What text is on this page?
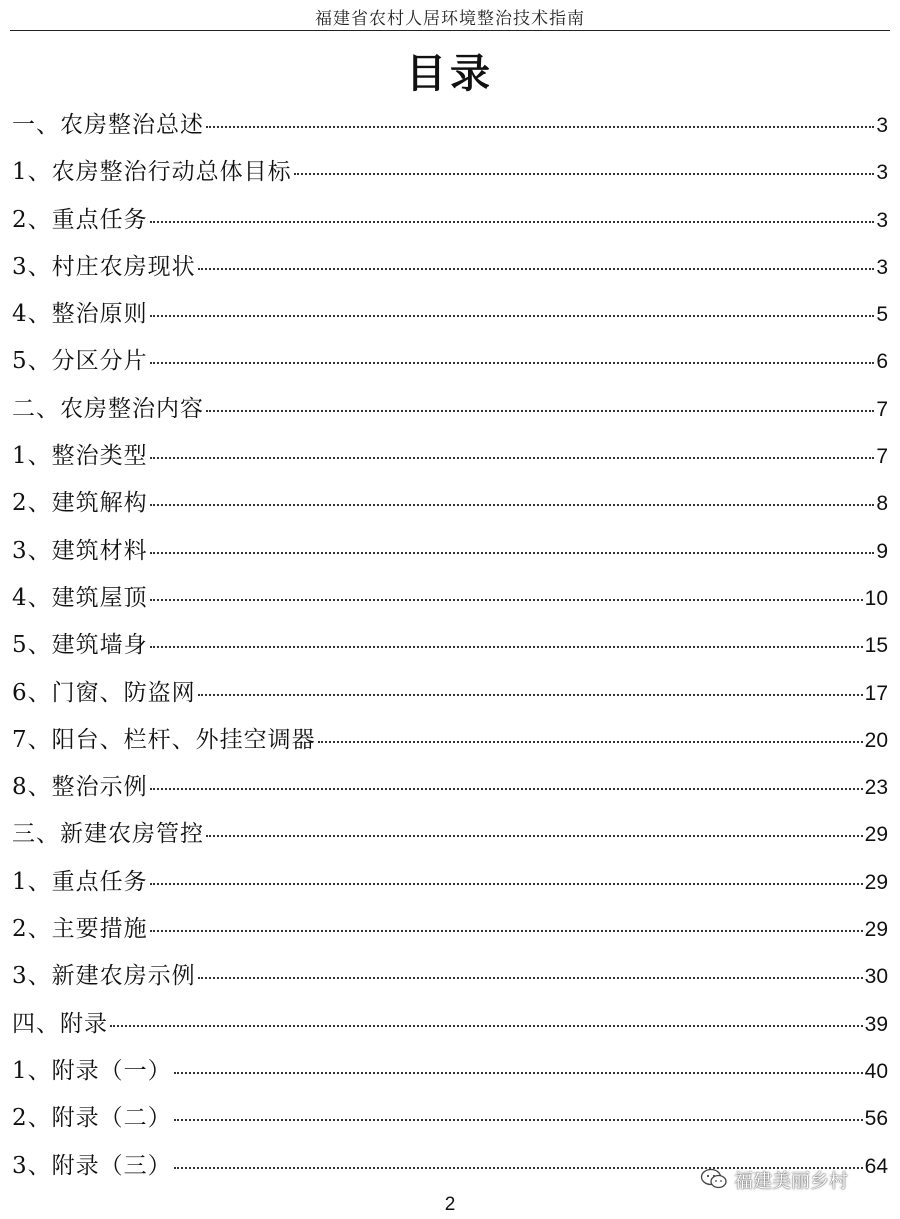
福建省农村人居环境整治技术指南
目录
一、农房整治总述	3
1、农房整治行动总体目标	3
2、重点任务	3
3、村庄农房现状	3
4、整治原则	5
5、分区分片	6
二、农房整治内容	7
1、整治类型	7
2、建筑解构	8
3、建筑材料	9
4、建筑屋顶	10
5、建筑墙身	15
6、门窗、防盗网	17
7、阳台、栏杆、外挂空调器	20
8、整治示例	23
三、新建农房管控	29
1、重点任务	29
2、主要措施	29
3、新建农房示例	30
四、附录	39
1、附录（一）	40
2、附录（二）	56
3、附录（三）	64
福建美丽乡村
2
